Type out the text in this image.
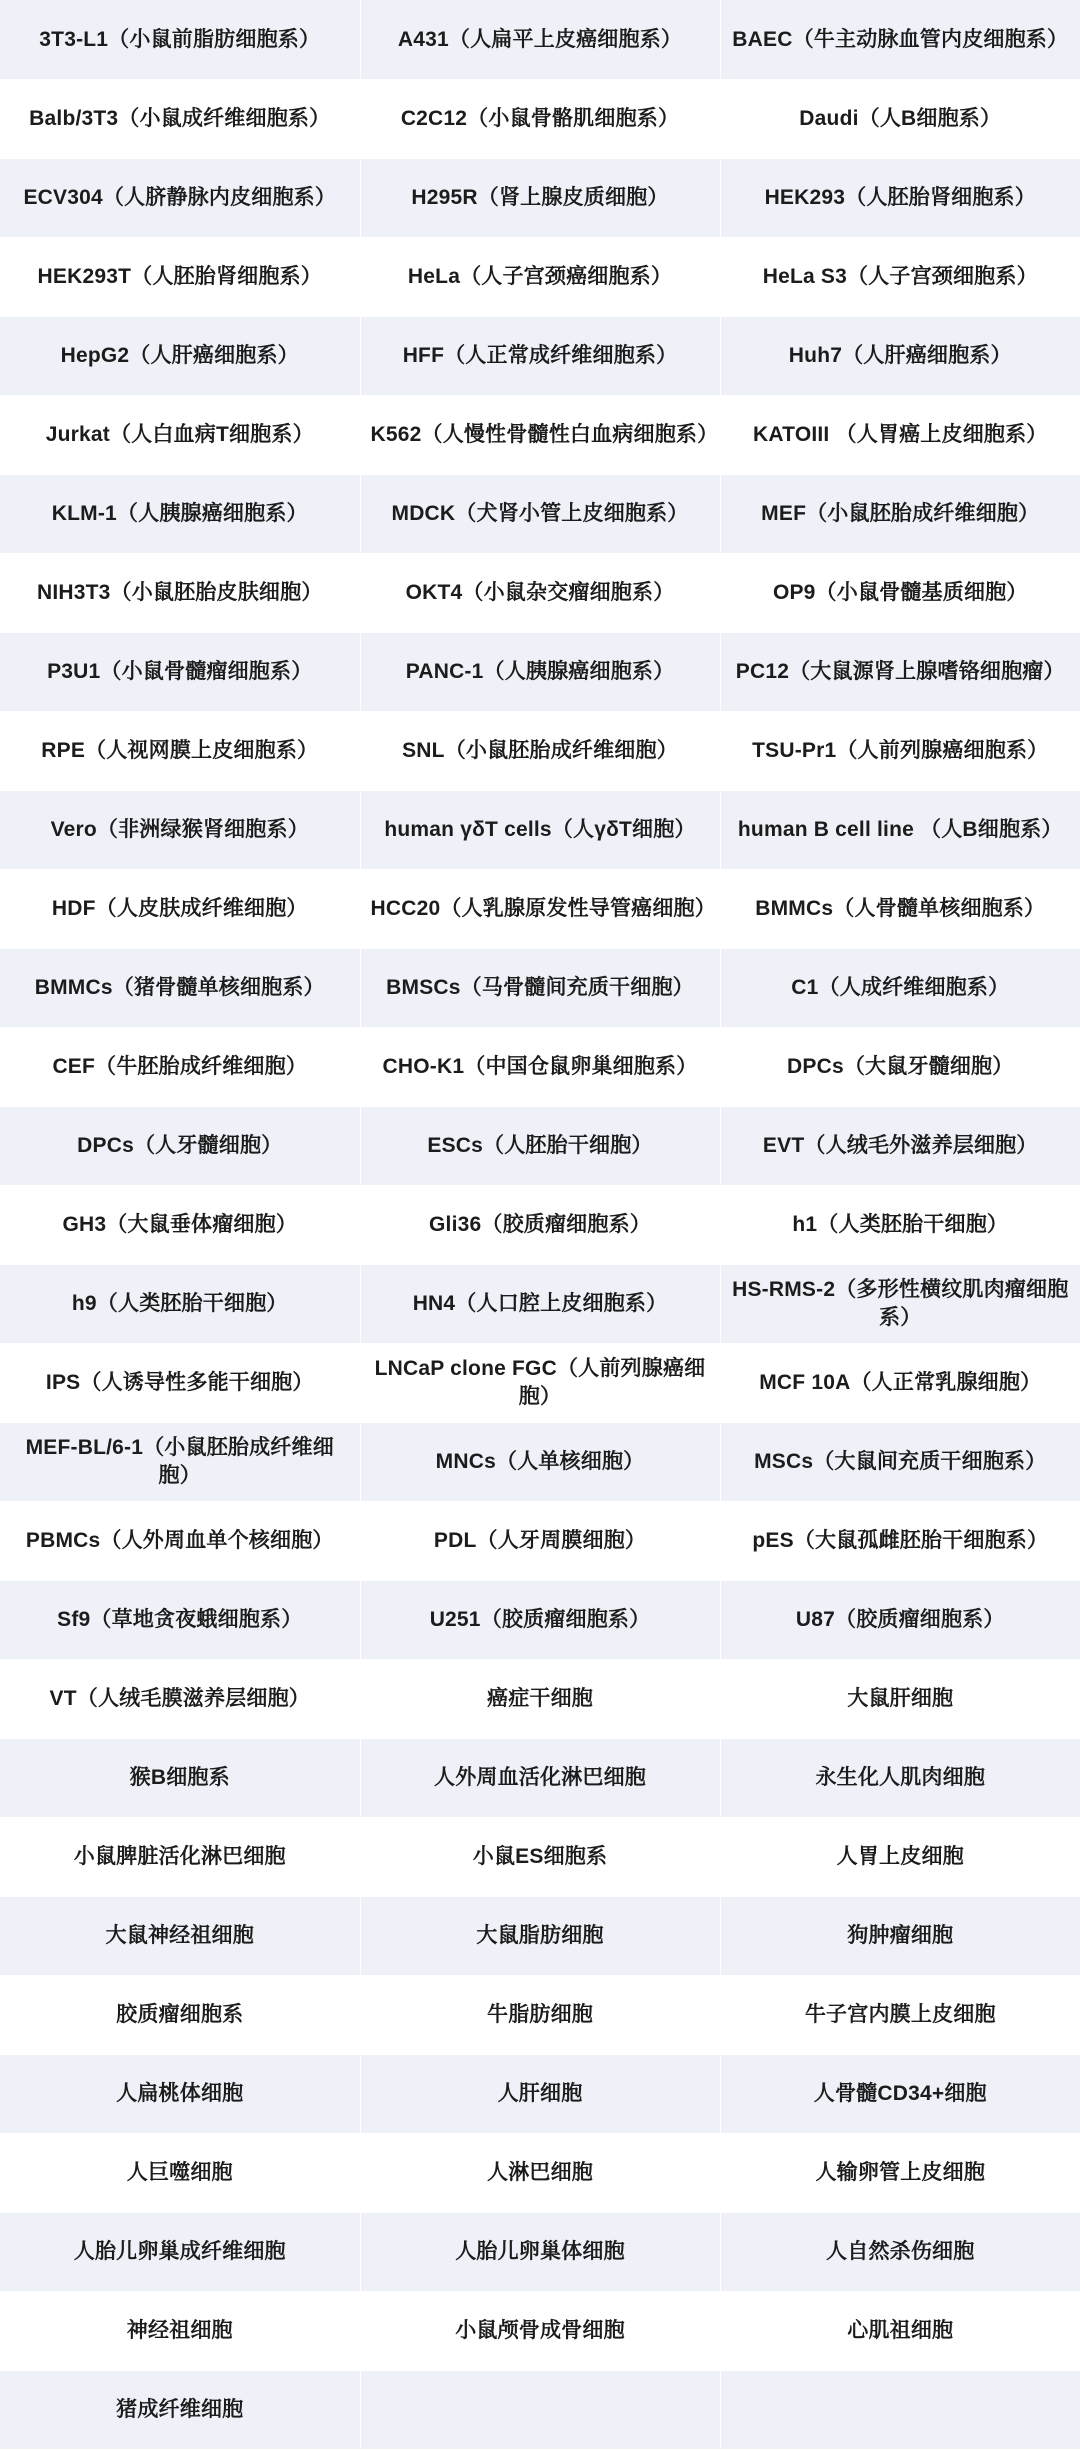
3T3‐L1（小鼠前脂肪细胞系）	A431（人扁平上皮癌细胞系）	BAEC（牛主动脉血管内皮细胞系）
Balb/3T3（小鼠成纤维细胞系）	C2C12（小鼠骨骼肌细胞系）	Daudi（人B细胞系）
ECV304（人脐静脉内皮细胞系）	H295R（肾上腺皮质细胞）	HEK293（人胚胎肾细胞系）
HEK293T（人胚胎肾细胞系）	HeLa（人子宫颈癌细胞系）	HeLa S3（人子宫颈细胞系）
HepG2（人肝癌细胞系）	HFF（人正常成纤维细胞系）	Huh7（人肝癌细胞系）
Jurkat（人白血病T细胞系）	K562（人慢性骨髓性白血病细胞系）	KATOIII （人胃癌上皮细胞系）
KLM‐1（人胰腺癌细胞系）	MDCK（犬肾小管上皮细胞系）	MEF（小鼠胚胎成纤维细胞）
NIH3T3（小鼠胚胎皮肤细胞）	OKT4（小鼠杂交瘤细胞系）	OP9（小鼠骨髓基质细胞）
P3U1（小鼠骨髓瘤细胞系）	PANC‐1（人胰腺癌细胞系）	PC12（大鼠源肾上腺嗜铬细胞瘤）
RPE（人视网膜上皮细胞系）	SNL（小鼠胚胎成纤维细胞）	TSU‐Pr1（人前列腺癌细胞系）
Vero（非洲绿猴肾细胞系）	human γδT cells（人γδT细胞）	human B cell line （人B细胞系）
HDF（人皮肤成纤维细胞）	HCC20（人乳腺原发性导管癌细胞）	BMMCs（人骨髓单核细胞系）
BMMCs（猪骨髓单核细胞系）	BMSCs（马骨髓间充质干细胞）	C1（人成纤维细胞系）
CEF（牛胚胎成纤维细胞）	CHO-K1（中国仓鼠卵巢细胞系）	DPCs（大鼠牙髓细胞）
DPCs（人牙髓细胞）	ESCs（人胚胎干细胞）	EVT（人绒毛外滋养层细胞）
GH3（大鼠垂体瘤细胞）	Gli36（胶质瘤细胞系）	h1（人类胚胎干细胞）
h9（人类胚胎干细胞）	HN4（人口腔上皮细胞系）	HS-RMS-2（多形性横纹肌肉瘤细胞系）
IPS（人诱导性多能干细胞）	LNCaP clone FGC（人前列腺癌细胞）	MCF 10A（人正常乳腺细胞）
MEF-BL/6-1（小鼠胚胎成纤维细胞）	MNCs（人单核细胞）	MSCs（大鼠间充质干细胞系）
PBMCs（人外周血单个核细胞）	PDL（人牙周膜细胞）	pES（大鼠孤雌胚胎干细胞系）
Sf9（草地贪夜蛾细胞系）	U251（胶质瘤细胞系）	U87（胶质瘤细胞系）
VT（人绒毛膜滋养层细胞）	癌症干细胞	大鼠肝细胞
猴B细胞系	人外周血活化淋巴细胞	永生化人肌肉细胞
小鼠脾脏活化淋巴细胞	小鼠ES细胞系	人胃上皮细胞
大鼠神经祖细胞	大鼠脂肪细胞	狗肿瘤细胞
胶质瘤细胞系	牛脂肪细胞	牛子宫内膜上皮细胞
人扁桃体细胞	人肝细胞	人骨髓CD34+细胞
人巨噬细胞	人淋巴细胞	人输卵管上皮细胞
人胎儿卵巢成纤维细胞	人胎儿卵巢体细胞	人自然杀伤细胞
神经祖细胞	小鼠颅骨成骨细胞	心肌祖细胞
猪成纤维细胞		
